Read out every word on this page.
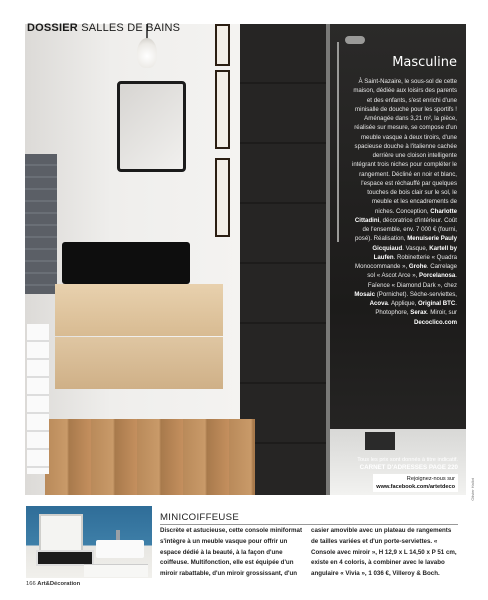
DOSSIER SALLES DE BAINS
Masculine

À Saint-Nazaire, le sous-sol de cette maison, dédiée aux loisirs des parents et des enfants, s'est enrichi d'une minisalle de douche pour les sportifs ! Aménagée dans 3,21 m², la pièce, réalisée sur mesure, se compose d'un meuble vasque à deux tiroirs, d'une spacieuse douche à l'italienne cachée derrière une cloison intelligente intégrant trois niches pour compléter le rangement. Décliné en noir et blanc, l'espace est réchauffé par quelques touches de bois clair sur le sol, le meuble et les encadrements de niches. Conception, Charlotte Cittadini, décoratrice d'intérieur. Coût de l'ensemble, env. 7 000 € (fourni, posé). Réalisation, Menuiserie Pauly Gicquiaud. Vasque, Kartell by Laufen. Robinetterie « Quadra Monocommande », Grohe. Carrelage sol « Ascot Arce », Porcelanosa. Faïence « Diamond Dark », chez Mosaic (Pornichet). Sèche-serviettes, Acova. Applique, Original BTC. Photophore, Serax. Miroir, sur Decoclico.com

Tous les prix sont donnés à titre indicatif.
CARNET D'ADRESSES PAGE 220
Rejoignez-nous sur
www.facebook.com/artetdeco	Olivier Hallot
MINICOIFFEUSE
Discrète et astucieuse, cette console miniformat s'intègre à un meuble vasque pour offrir un espace dédié à la beauté, à la façon d'une coiffeuse. Multifonction, elle est équipée d'un miroir rabattable, d'un miroir grossissant, d'un
casier amovible avec un plateau de rangements de tailles variées et d'un porte-serviettes. « Console avec miroir », H 12,9 x L 14,50 x P 51 cm, existe en 4 coloris, à combiner avec le lavabo angulaire « Vivia », 1 036 €, Villeroy & Boch.
166 Art&Décoration
